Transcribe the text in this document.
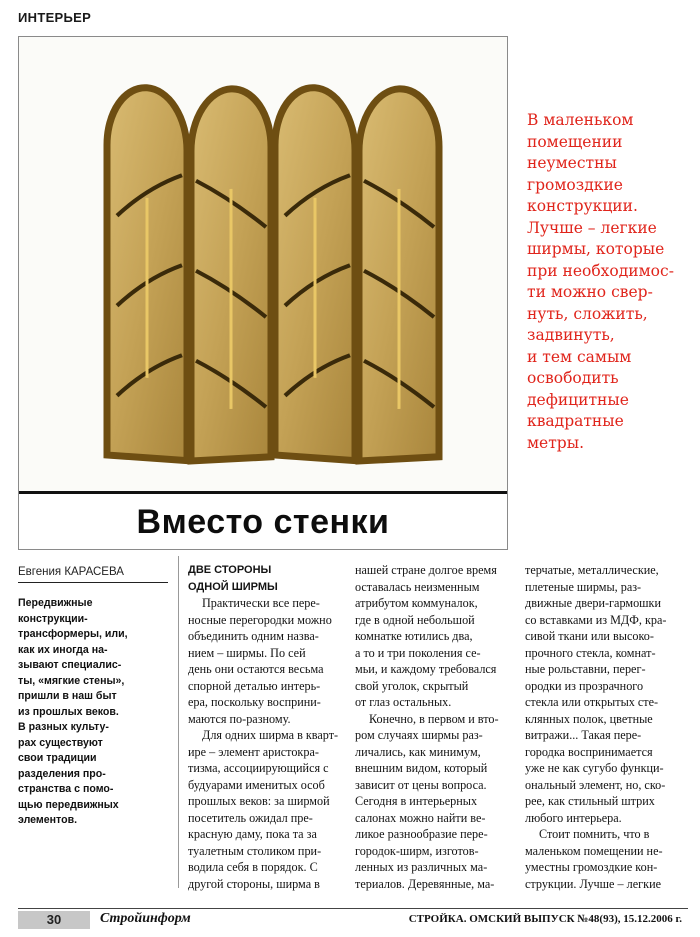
ИНТЕРЬЕР
Вместо стенки
В маленьком
помещении
неуместны
громоздкие
конструкции.
Лучше – легкие
ширмы, которые
при необходимос-
ти можно свер-
нуть, сложить,
задвинуть,
и тем самым
освободить
дефицитные
квадратные
метры.
Евгения КАРАСЕВА
Передвижные
конструкции-
трансформеры, или,
как их иногда на-
зывают специалис-
ты, «мягкие стены»,
пришли в наш быт
из прошлых веков.
В разных культу-
рах существуют
свои традиции
разделения про-
странства с помо-
щью передвижных
элементов.
ДВЕ СТОРОНЫ
ОДНОЙ ШИРМЫ
Практически все пере-
носные перегородки можно
объединить одним назва-
нием – ширмы. По сей
день они остаются весьма
спорной деталью интерь-
ера, поскольку восприни-
маются по-разному.
Для одних ширма в кварт-
ире – элемент аристокра-
тизма, ассоциирующийся с
будуарами именитых особ
прошлых веков: за ширмой
посетитель ожидал пре-
красную даму, пока та за
туалетным столиком при-
водила себя в порядок. С
другой стороны, ширма в
нашей стране долгое время
оставалась неизменным
атрибутом коммуналок,
где в одной небольшой
комнатке ютились два,
а то и три поколения се-
мьи, и каждому требовался
свой уголок, скрытый
от глаз остальных.
Конечно, в первом и вто-
ром случаях ширмы раз-
личались, как минимум,
внешним видом, который
зависит от цены вопроса.
Сегодня в интерьерных
салонах можно найти ве-
ликое разнообразие пере-
городок-ширм, изготов-
ленных из различных ма-
териалов. Деревянные, ма-
терчатые, металлические,
плетеные ширмы, раз-
движные двери-гармошки
со вставками из МДФ, кра-
сивой ткани или высоко-
прочного стекла, комнат-
ные рольставни, перег-
ородки из прозрачного
стекла или открытых сте-
клянных полок, цветные
витражи... Такая пере-
городка воспринимается
уже не как сугубо функци-
ональный элемент, но, ско-
рее, как стильный штрих
любого интерьера.
Стоит помнить, что в
маленьком помещении не-
уместны громоздкие кон-
струкции. Лучше – легкие
30	Стройинформ	СТРОЙКА. ОМСКИЙ ВЫПУСК №48(93), 15.12.2006 г.
